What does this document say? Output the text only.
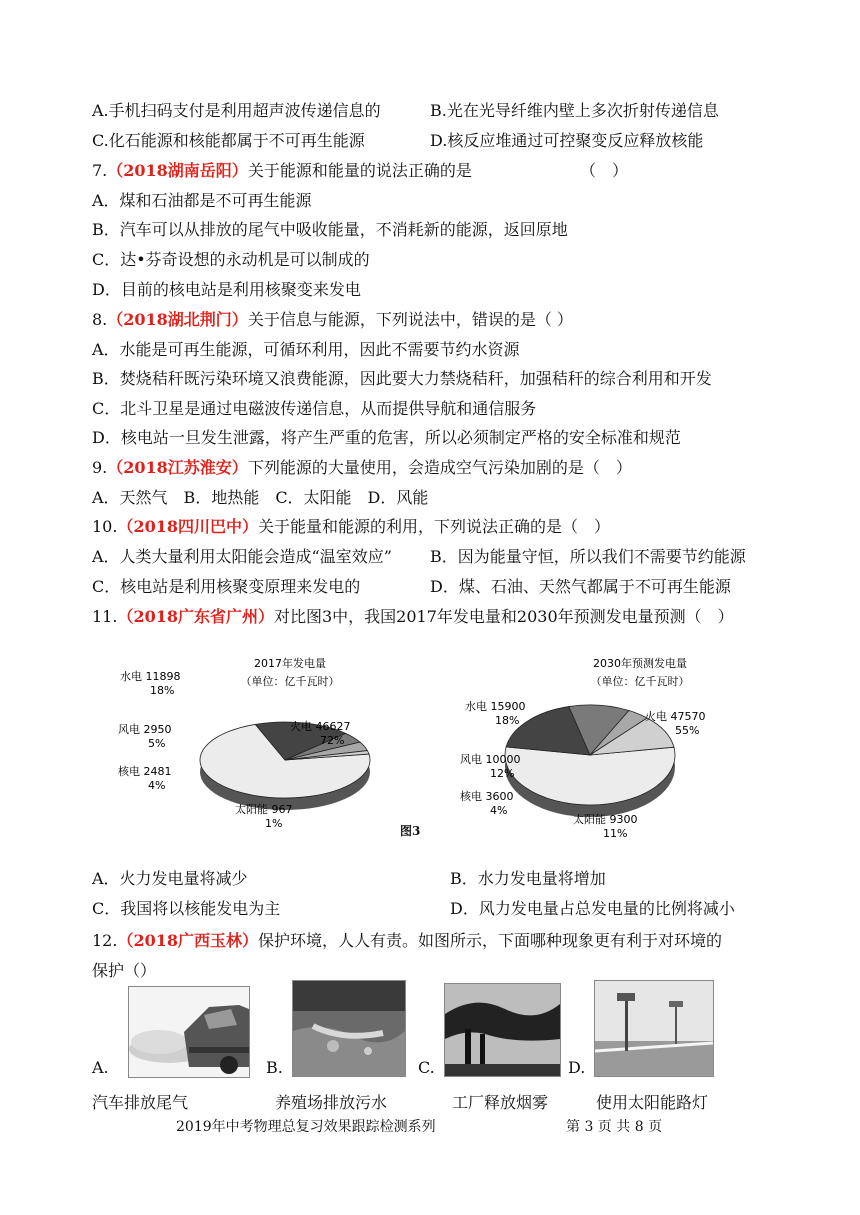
A.手机扫码支付是利用超声波传递信息的	B.光在光导纤维内壁上多次折射传递信息
C.化石能源和核能都属于不可再生能源	D.核反应堆通过可控聚变反应释放核能
7.（2018湖南岳阳）关于能源和能量的说法正确的是	（　）
A．煤和石油都是不可再生能源
B．汽车可以从排放的尾气中吸收能量，不消耗新的能源，返回原地
C．达•芬奇设想的永动机是可以制成的
D．目前的核电站是利用核聚变来发电
8.（2018湖北荆门）关于信息与能源，下列说法中，错误的是（ ）
A．水能是可再生能源，可循环利用，因此不需要节约水资源
B．焚烧秸秆既污染环境又浪费能源，因此要大力禁烧秸秆，加强秸秆的综合利用和开发
C．北斗卫星是通过电磁波传递信息，从而提供导航和通信服务
D．核电站一旦发生泄露，将产生严重的危害，所以必须制定严格的安全标准和规范
9.（2018江苏淮安）下列能源的大量使用，会造成空气污染加剧的是（　）
A．天然气　B．地热能　C．太阳能　D．风能
10.（2018四川巴中）关于能量和能源的利用，下列说法正确的是（　）
A．人类大量利用太阳能会造成“温室效应” B．因为能量守恒，所以我们不需要节约能源
C．核电站是利用核聚变原理来发电的	D．煤、石油、天然气都属于不可再生能源
11.（2018广东省广州）对比图3中，我国2017年发电量和2030年预测发电量预测（　）
2017年发电量
（单位：亿千瓦时）
火电 46627
72%
水电 11898
18%
风电 2950
5%
核电 2481
4%
太阳能 967
1%
2030年预测发电量
（单位：亿千瓦时）
火电 47570
55%
水电 15900
18%
风电 10000
12%
核电 3600
4%
太阳能 9300
11%
图3
A．火力发电量将减少	B．水力发电量将增加
C．我国将以核能发电为主	D．风力发电量占总发电量的比例将减小
12.（2018广西玉林）保护环境，人人有责。如图所示，下面哪种现象更有利于对环境的
保护（）
A.
汽车排放尾气
B.
养殖场排放污水
C.
工厂释放烟雾
D.
使用太阳能路灯
2019年中考物理总复习效果跟踪检测系列	第 3 页 共 8 页
